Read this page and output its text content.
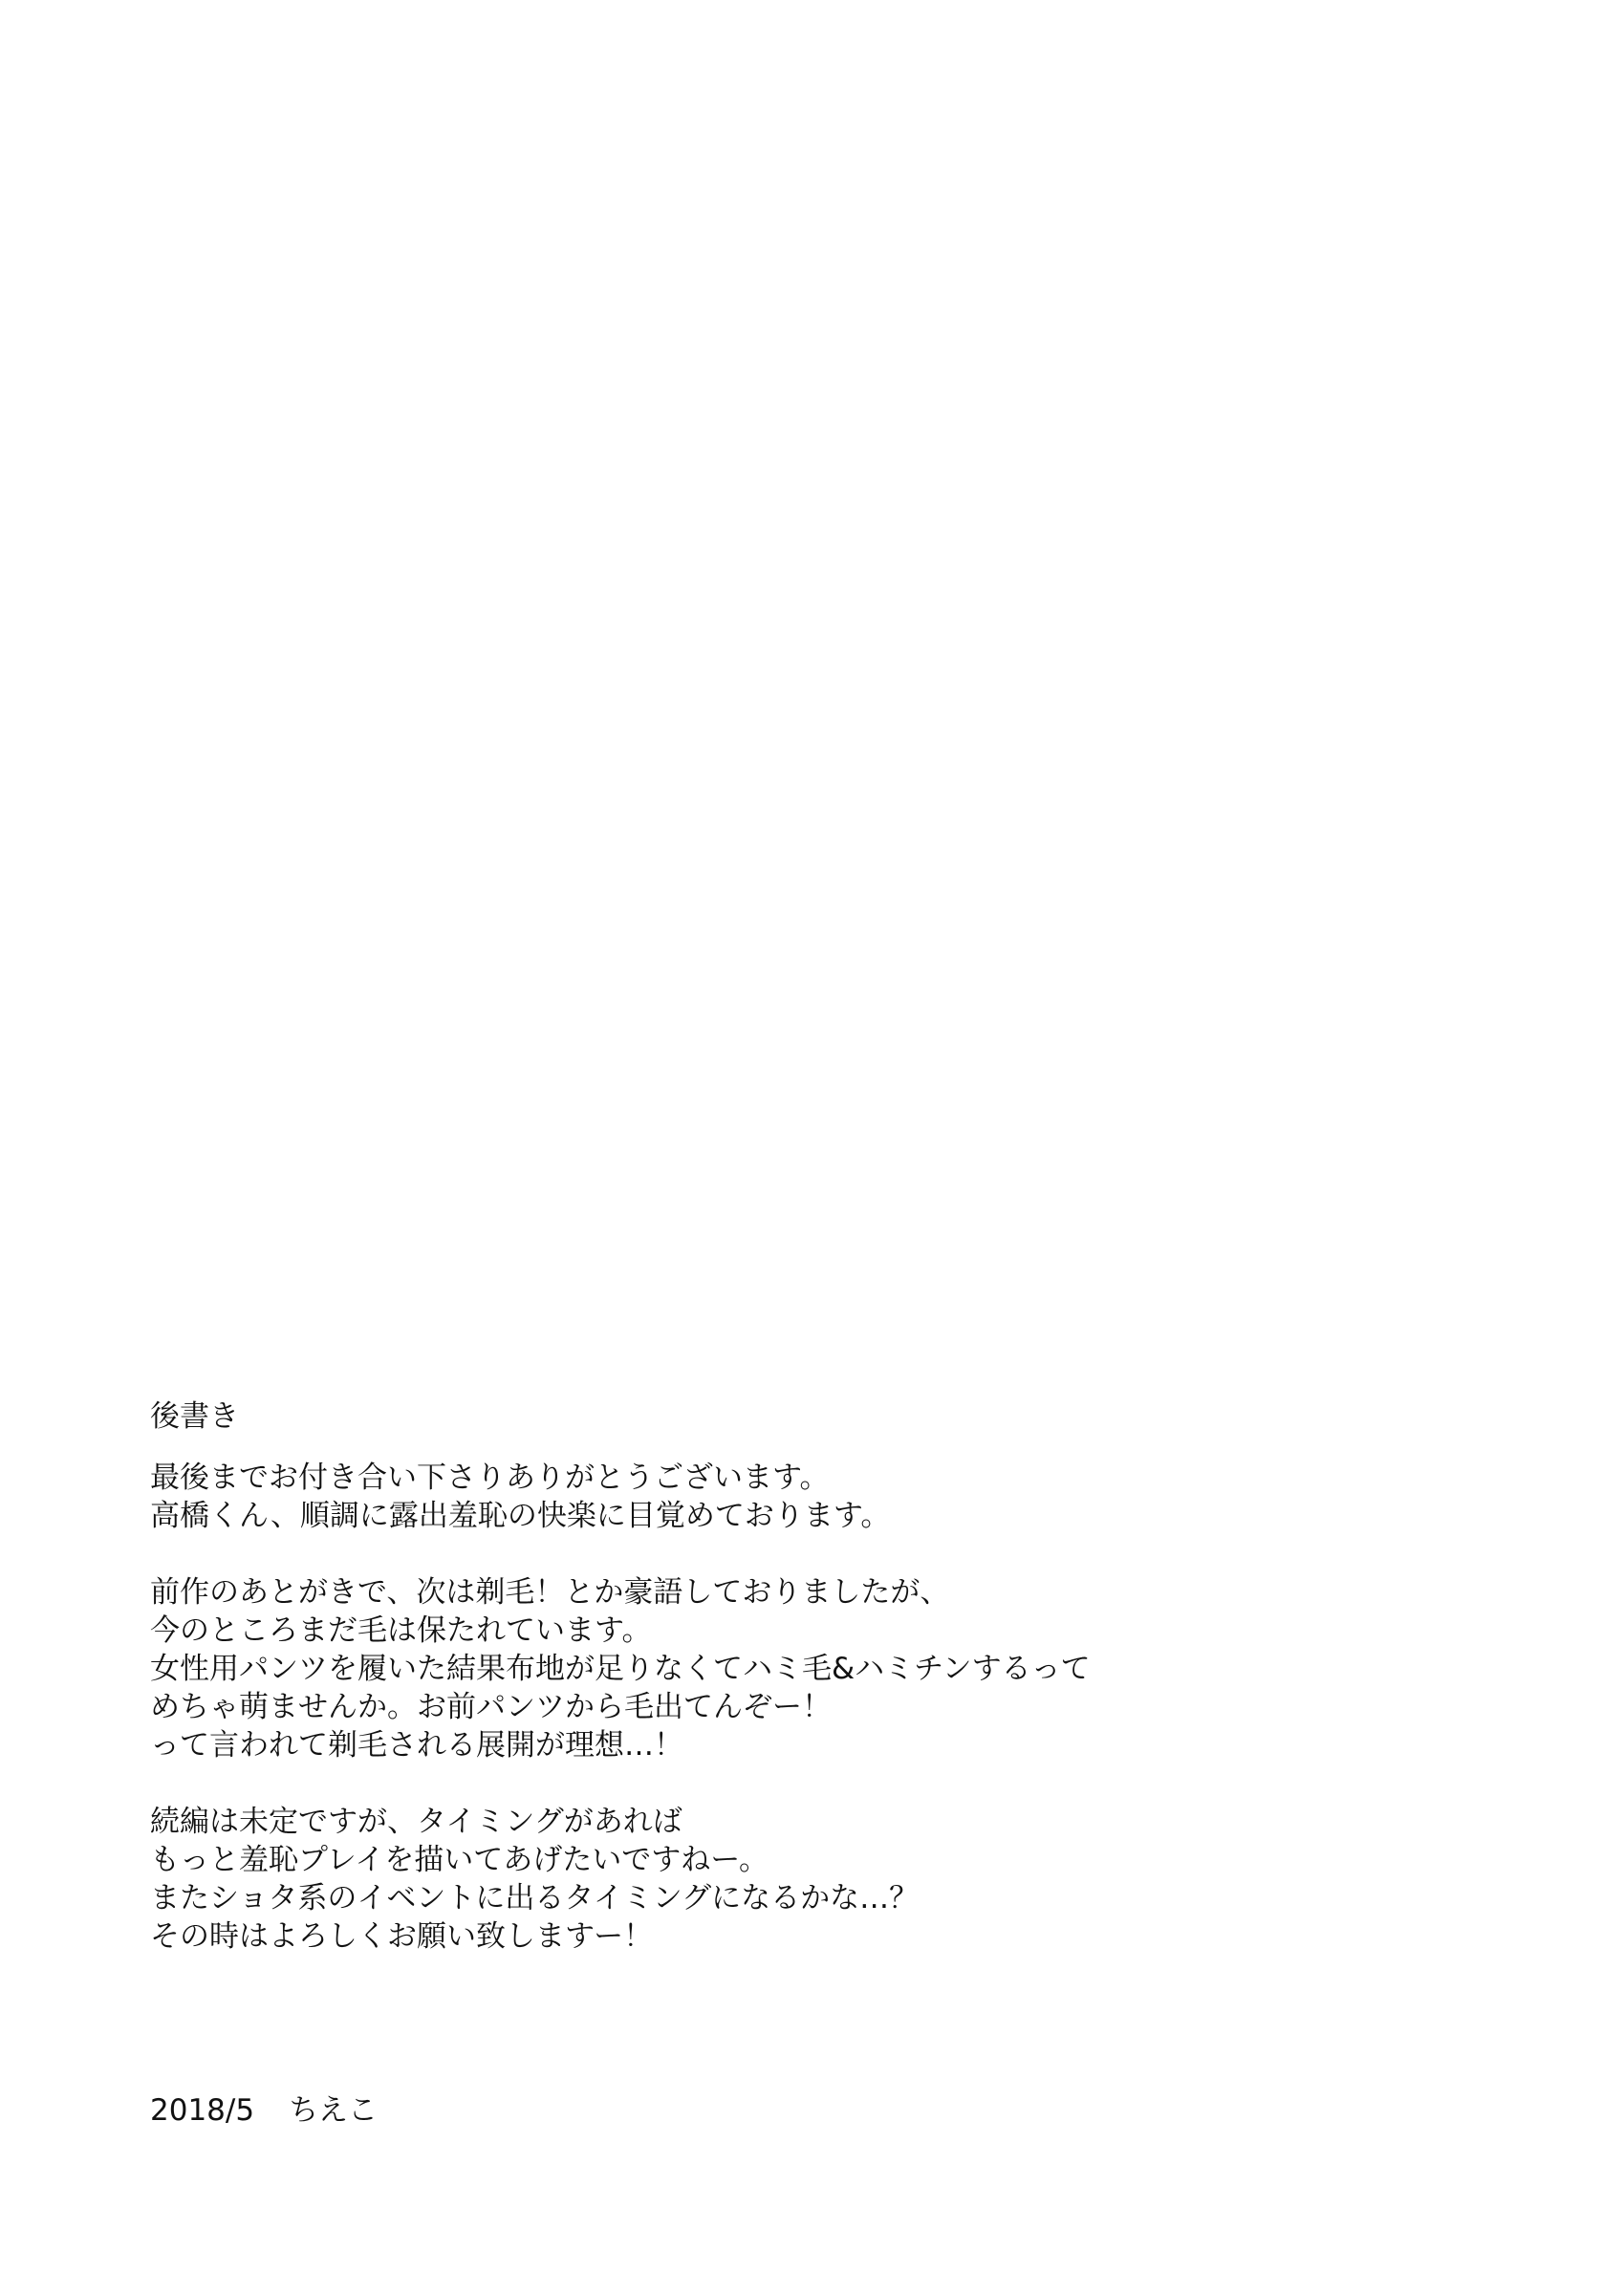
後書き
最後までお付き合い下さりありがとうございます。
高橋くん、順調に露出羞恥の快楽に目覚めております。
前作のあとがきで、次は剃毛！とか豪語しておりましたが、
今のところまだ毛は保たれています。
女性用パンツを履いた結果布地が足りなくてハミ毛&ハミチンするって
めちゃ萌ませんか。お前パンツから毛出てんぞー！
って言われて剃毛される展開が理想…！
続編は未定ですが、タイミングがあれば
もっと羞恥プレイを描いてあげたいですねー。
またショタ系のイベントに出るタイミングになるかな…？
その時はよろしくお願い致しますー！
2018/5 ちえこ
